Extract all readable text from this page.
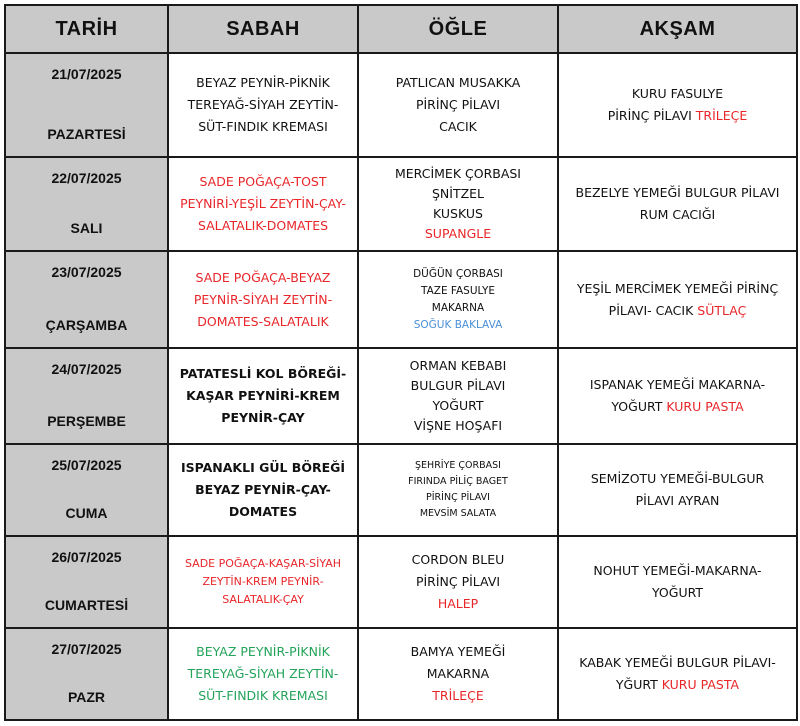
TARİH	SABAH	ÖĞLE	AKŞAM

21/07/2025
PAZARTESİ	BEYAZ PEYNİR-PİKNİK
TEREYAĞ-SİYAH ZEYTİN-
SÜT-FINDIK KREMASI	PATLICAN MUSAKKA
PİRİNÇ PİLAVI
CACIK	KURU FASULYE
PİRİNÇ PİLAVI TRİLEÇE

22/07/2025
SALI	SADE POĞAÇA-TOST
PEYNİRİ-YEŞİL ZEYTİN-ÇAY-
SALATALIK-DOMATES	MERCİMEK ÇORBASI
ŞNİTZEL
KUSKUS
SUPANGLE	BEZELYE YEMEĞİ BULGUR PİLAVI
RUM CACIĞI

23/07/2025
ÇARŞAMBA	SADE POĞAÇA-BEYAZ
PEYNİR-SİYAH ZEYTİN-
DOMATES-SALATALIK	DÜĞÜN ÇORBASI
TAZE FASULYE
MAKARNA
SOĞUK BAKLAVA	YEŞİL MERCİMEK YEMEĞİ PİRİNÇ
PİLAVI- CACIK SÜTLAÇ

24/07/2025
PERŞEMBE	PATATESLİ KOL BÖREĞİ-
KAŞAR PEYNİRİ-KREM
PEYNİR-ÇAY	ORMAN KEBABI
BULGUR PİLAVI
YOĞURT
VİŞNE HOŞAFI	ISPANAK YEMEĞİ MAKARNA-
YOĞURT KURU PASTA

25/07/2025
CUMA	ISPANAKLI GÜL BÖREĞİ
BEYAZ PEYNİR-ÇAY-
DOMATES	ŞEHRİYE ÇORBASI
FIRINDA PİLİÇ BAGET
PİRİNÇ PİLAVI
MEVSİM SALATA	SEMİZOTU YEMEĞİ-BULGUR
PİLAVI AYRAN

26/07/2025
CUMARTESİ	SADE POĞAÇA-KAŞAR-SİYAH
ZEYTİN-KREM PEYNİR-
SALATALIK-ÇAY	CORDON BLEU
PİRİNÇ PİLAVI
HALEP	NOHUT YEMEĞİ-MAKARNA-
YOĞURT

27/07/2025
PAZR	BEYAZ PEYNİR-PİKNİK
TEREYAĞ-SİYAH ZEYTİN-
SÜT-FINDIK KREMASI	BAMYA YEMEĞİ
MAKARNA
TRİLEÇE	KABAK YEMEĞİ BULGUR PİLAVI-
YĞURT KURU PASTA
